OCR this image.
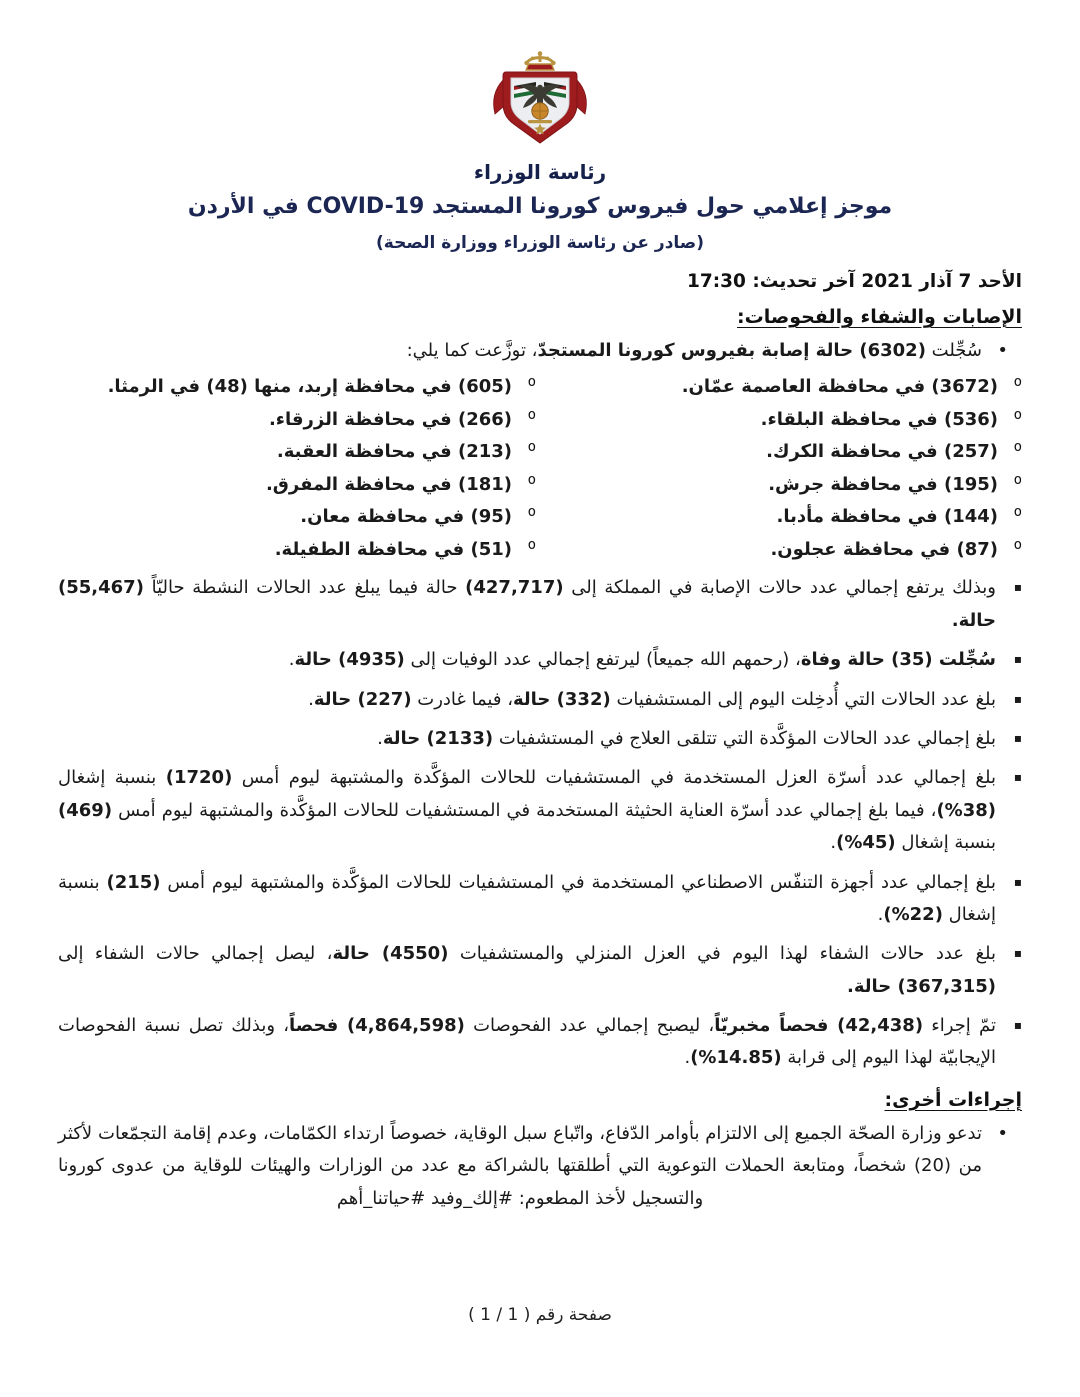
رئاسة الوزراء
موجز إعلامي حول فيروس كورونا المستجد COVID-19 في الأردن
(صادر عن رئاسة الوزراء ووزارة الصحة)
الأحد 7 آذار 2021 آخر تحديث: 17:30
الإصابات والشفاء والفحوصات:
•
سُجِّلت (6302) حالة إصابة بفيروس كورونا المستجدّ، توزَّعت كما يلي:
o
(3672) في محافظة العاصمة عمّان.
o
(605) في محافظة إربد، منها (48) في الرمثا.
o
(536) في محافظة البلقاء.
o
(266) في محافظة الزرقاء.
o
(257) في محافظة الكرك.
o
(213) في محافظة العقبة.
o
(195) في محافظة جرش.
o
(181) في محافظة المفرق.
o
(144) في محافظة مأدبا.
o
(95) في محافظة معان.
o
(87) في محافظة عجلون.
o
(51) في محافظة الطفيلة.
▪
وبذلك يرتفع إجمالي عدد حالات الإصابة في المملكة إلى (427,717) حالة فيما يبلغ عدد الحالات النشطة حاليّاً (55,467) حالة.
▪
سُجِّلت (35) حالة وفاة، (رحمهم الله جميعاً) ليرتفع إجمالي عدد الوفيات إلى (4935) حالة.
▪
بلغ عدد الحالات التي أُدخِلت اليوم إلى المستشفيات (332) حالة، فيما غادرت (227) حالة.
▪
بلغ إجمالي عدد الحالات المؤكَّدة التي تتلقى العلاج في المستشفيات (2133) حالة.
▪
بلغ إجمالي عدد أسرّة العزل المستخدمة في المستشفيات للحالات المؤكَّدة والمشتبهة ليوم أمس (1720) بنسبة إشغال (%38)، فيما بلغ إجمالي عدد أسرّة العناية الحثيثة المستخدمة في المستشفيات للحالات المؤكَّدة والمشتبهة ليوم أمس (469) بنسبة إشغال (%45).
▪
بلغ إجمالي عدد أجهزة التنفّس الاصطناعي المستخدمة في المستشفيات للحالات المؤكَّدة والمشتبهة ليوم أمس (215) بنسبة إشغال (%22).
▪
بلغ عدد حالات الشفاء لهذا اليوم في العزل المنزلي والمستشفيات (4550) حالة، ليصل إجمالي حالات الشفاء إلى (367,315) حالة.
▪
تمّ إجراء (42,438) فحصاً مخبريّاً، ليصبح إجمالي عدد الفحوصات (4,864,598) فحصاً، وبذلك تصل نسبة الفحوصات الإيجابيّة لهذا اليوم إلى قرابة (%14.85).
إجراءات أخرى:
•
تدعو وزارة الصحّة الجميع إلى الالتزام بأوامر الدّفاع، واتّباع سبل الوقاية، خصوصاً ارتداء الكمّامات، وعدم إقامة التجمّعات لأكثر من (20) شخصاً، ومتابعة الحملات التوعوية التي أطلقتها بالشراكة مع عدد من الوزارات والهيئات للوقاية من عدوى كورونا والتسجيل لأخذ المطعوم: #إلك_وفيد #حياتنا_أهم
صفحة رقم ( 1 / 1 )
